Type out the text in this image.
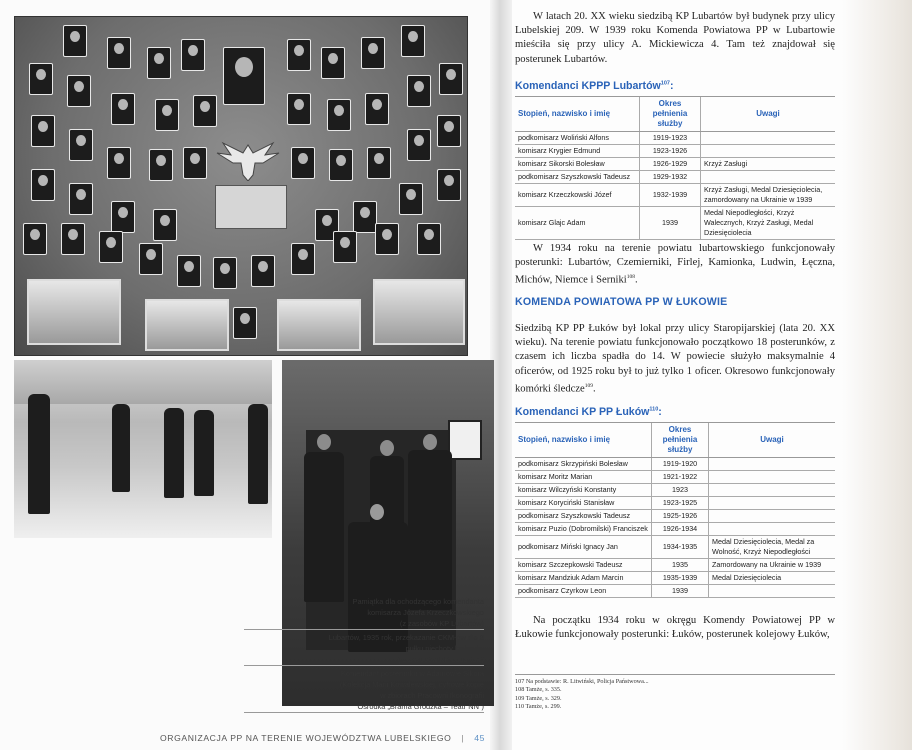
Pamiątka dla ochodzącego komendanta
komisarza Józefa Krzeczkowskiego
(z zasobów KP Lubartów)
Lubartów, 1935 rok, przekazanie CKM-ów dla 8
pułku piechoty legionów
( z zasobów KP Lubartów)
Komendant posterunku w Adamowie Sikora
(Kolekcja Marii Kowalewskiej, cyfrowe kopie
w zbiorach Pracowni Ikonografii
Ośrodka „Brama Grodzka – Teatr NN")
ORGANIZACJA PP NA TERENIE WOJEWÓDZTWA LUBELSKIEGO | 45
W latach 20. XX wieku siedzibą KP Lubartów był budynek przy ulicy Lubelskiej 209. W 1939 roku Komenda Powiatowa PP w Lubartowie mieściła się przy ulicy A. Mickiewicza 4. Tam też znajdował się posterunek Lubartów.
Komendanci KPPP Lubartów$^{107}$:
Stopień, nazwisko i imię	Okres pełnienia służby	Uwagi
podkomisarz Woliński Alfons	1919-1923	
komisarz Krygier Edmund	1923-1926	
komisarz Sikorski Bolesław	1926-1929	Krzyż Zasługi
podkomisarz Szyszkowski Tadeusz	1929-1932	
komisarz Krzeczkowski Józef	1932-1939	Krzyż Zasługi, Medal Dziesięciolecia, zamordowany na Ukrainie w 1939
komisarz Glajc Adam	1939	Medal Niepodległości, Krzyż Walecznych, Krzyż Zasługi, Medal Dziesięciolecia
W 1934 roku na terenie powiatu lubartowskiego funkcjonowały posterunki: Lubartów, Czemierniki, Firlej, Kamionka, Ludwin, Łęczna, Michów, Niemce i Serniki$^{108}$.
KOMENDA POWIATOWA PP W ŁUKOWIE
Siedzibą KP PP Łuków był lokal przy ulicy Staropijarskiej (lata 20. XX wieku). Na terenie powiatu funkcjonowało początkowo 18 posterunków, z czasem ich liczba spadła do 14. W powiecie służyło maksymalnie 4 oficerów, od 1925 roku był to już tylko 1 oficer. Okresowo funkcjonowały komórki śledcze$^{109}$.
Komendanci KP PP Łuków$^{110}$:
Stopień, nazwisko i imię	Okres pełnienia służby	Uwagi
podkomisarz Skrzypiński Bolesław	1919-1920	
komisarz Moritz Marian	1921-1922	
komisarz Wilczyński Konstanty	1923	
komisarz Koryciński Stanisław	1923-1925	
podkomisarz Szyszkowski Tadeusz	1925-1926	
komisarz Puzio (Dobromilski) Franciszek	1926-1934	
podkomisarz Miński Ignacy Jan	1934-1935	Medal Dziesięciolecia, Medal za Wolność, Krzyż Niepodległości
komisarz Szczepkowski Tadeusz	1935	Zamordowany na Ukrainie w 1939
komisarz Mandziuk Adam Marcin	1935-1939	Medal Dziesięciolecia
podkomisarz Czyrkow Leon	1939	
Na początku 1934 roku w okręgu Komendy Powiatowej PP w Łukowie funkcjonowały posterunki: Łuków, posterunek kolejowy Łuków,
107 Na podstawie: R. Litwiński, Policja Państwowa...
108 Tamże, s. 335.
109 Tamże, s. 329.
110 Tamże, s. 299.
